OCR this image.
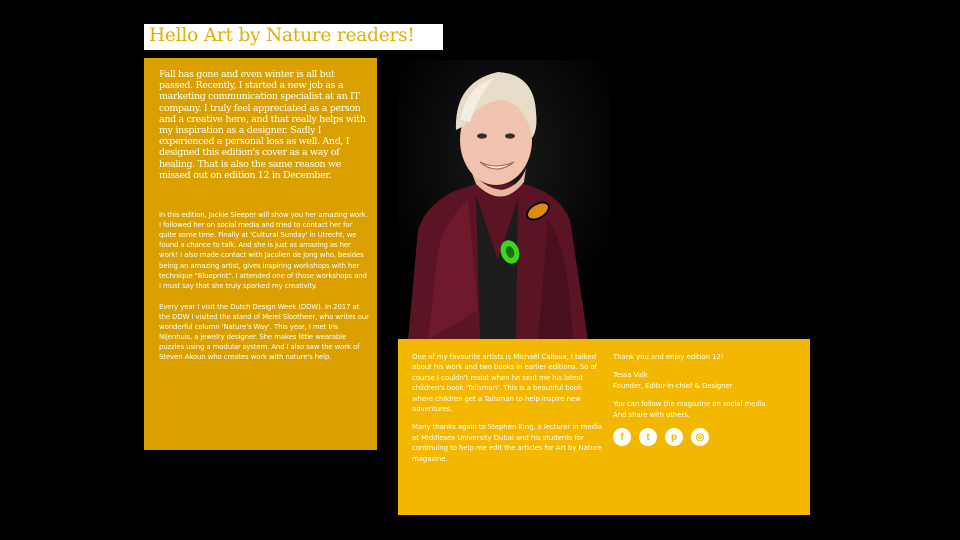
Hello Art by Nature readers!

Fall has gone and even winter is all but passed. Recently, I started a new job as a marketing communication specialist at an IT company. I truly feel appreciated as a person and a creative here, and that really helps with my inspiration as a designer. Sadly I experienced a personal loss as well. And, I designed this edition's cover as a way of healing. That is also the same reason we missed out on edition 12 in December.

In this edition, Jackie Sleeper will show you her amazing work. I followed her on social media and tried to contact her for quite some time. Finally at 'Cultural Sunday' in Utrecht, we found a chance to talk. And she is just as amazing as her work! I also made contact with Jacolien de Jong who, besides being an amazing artist, gives inspiring workshops with her technique "Blueprint". I attended one of those workshops and I must say that she truly sparked my creativity.

Every year I visit the Dutch Design Week (DDW). In 2017 at the DDW I visited the stand of Merel Slootheer, who writes our wonderful column 'Nature's Way'. This year, I met Iris Nijenhuis, a jewelry designer. She makes little wearable puzzles using a modular system. And I also saw the work of Steven Akoun who creates work with nature's help.	One of my favourite artists is Michaël Calloux, I talked about his work and two books in earlier editions. So of course I couldn't resist when he sent me his latest children's book 'Talisman'. This is a beautiful book where children get a Talisman to help inspire new adventures.

Many thanks again to Stephen King, a lecturer in media at Middlesex University Dubai and his students for continuing to help me edit the articles for Art by Nature magazine.

Thank you and enjoy edition 12!

Tessa Valk
Founder, Editor-in-chief & Designer

You can follow the magazine on social media
And share with others.

f	t	p	◎
